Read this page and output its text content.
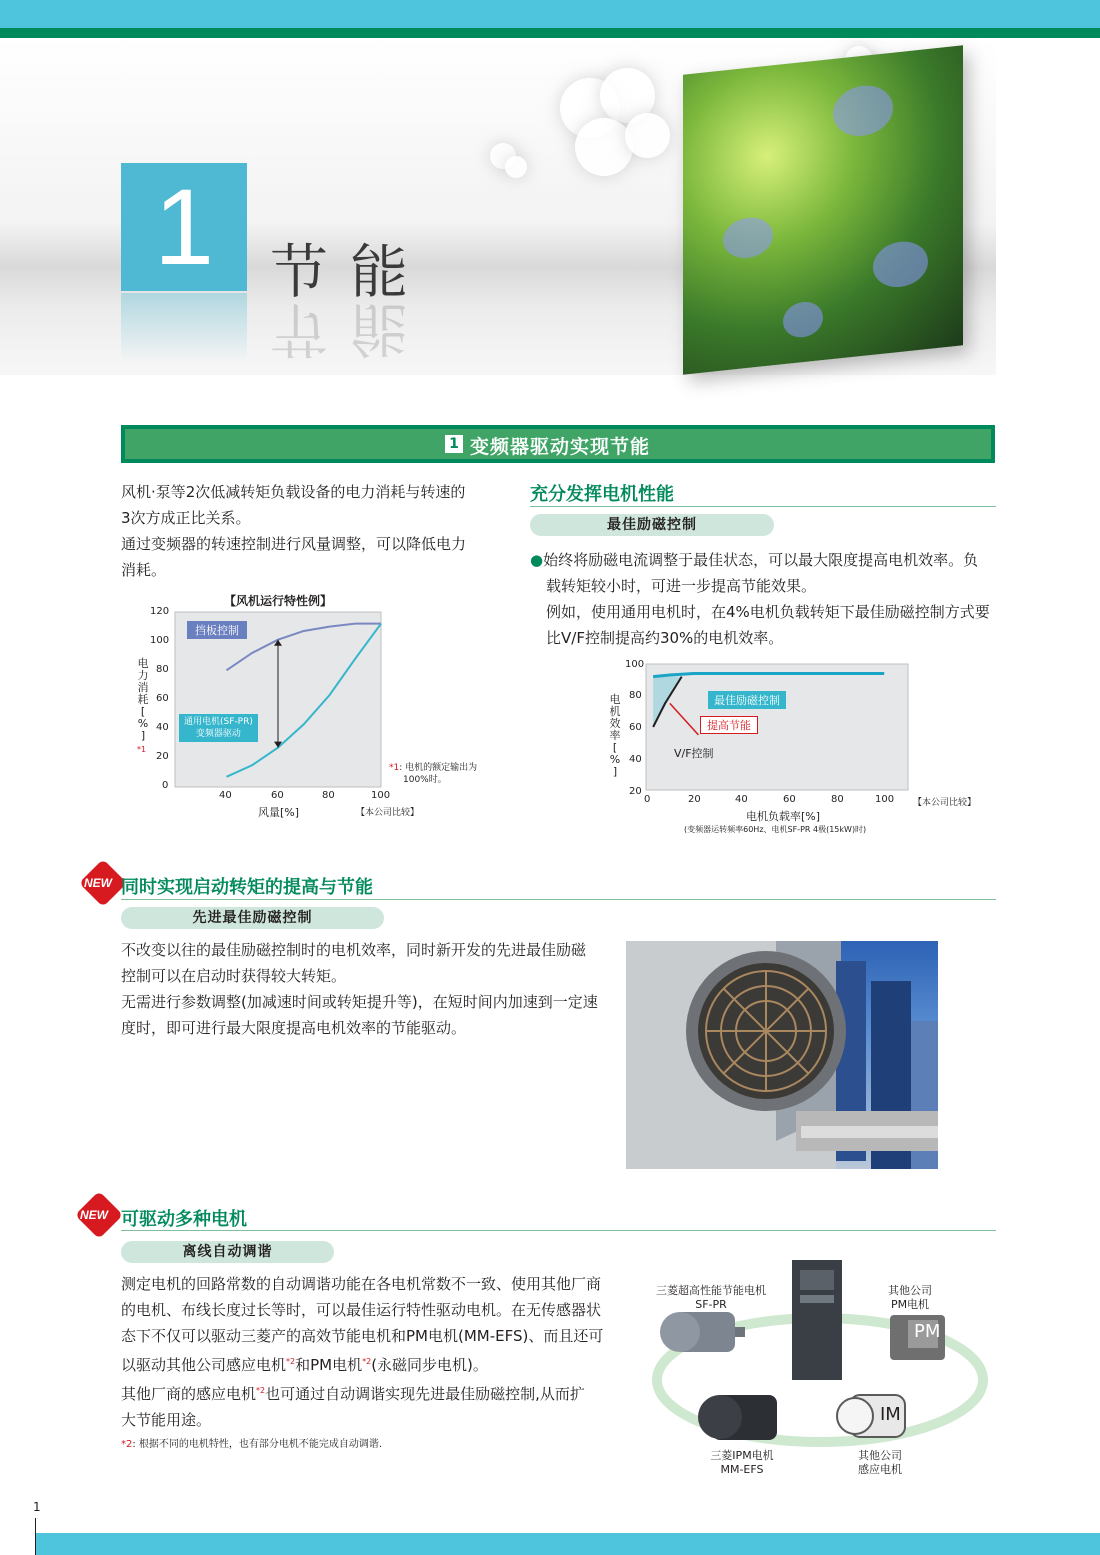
1 节能
节能
1 变频器驱动实现节能
风机·泵等2次低减转矩负载设备的电力消耗与转速的
3次方成正比关系。
通过变频器的转速控制进行风量调整，可以降低电力
消耗。
【风机运行特性例】
120
100
80
60
40
20
0
40	60	80	100
风量[%]
电
力
消
耗
[
%
]
*1
挡板控制
通用电机(SF-PR)
变频器驱动
*1: 电机的额定输出为
100%时。
【本公司比较】
充分发挥电机性能
最佳励磁控制
●始终将励磁电流调整于最佳状态，可以最大限度提高电机效率。负
载转矩较小时，可进一步提高节能效果。
例如，使用通用电机时，在4%电机负载转矩下最佳励磁控制方式要
比V/F控制提高约30%的电机效率。
100
80
60
40
20
0	20	40	60	80	100
电机负载率[%]
(变频器运转频率60Hz、电机SF-PR 4极(15kW)时)
【本公司比较】
电
机
效
率
[
%
]
最佳励磁控制
提高节能
V/F控制
NEW 同时实现启动转矩的提高与节能
先进最佳励磁控制
不改变以往的最佳励磁控制时的电机效率，同时新开发的先进最佳励磁
控制可以在启动时获得较大转矩。
无需进行参数调整(加减速时间或转矩提升等)，在短时间内加速到一定速
度时，即可进行最大限度提高电机效率的节能驱动。
NEW 可驱动多种电机
离线自动调谐
测定电机的回路常数的自动调谐功能在各电机常数不一致、使用其他厂商
的电机、布线长度过长等时，可以最佳运行特性驱动电机。在无传感器状
态下不仅可以驱动三菱产的高效节能电机和PM电机(MM-EFS)、而且还可
以驱动其他公司感应电机$^{*2}$和PM电机$^{*2}$(永磁同步电机)。
其他厂商的感应电机$^{*2}$也可通过自动调谐实现先进最佳励磁控制,从而扩
大节能用途。
*2: 根据不同的电机特性，也有部分电机不能完成自动调谐.
PM
IM
三菱超高性能节能电机
SF-PR
其他公司
PM电机
三菱IPM电机
MM-EFS
其他公司
感应电机
1
